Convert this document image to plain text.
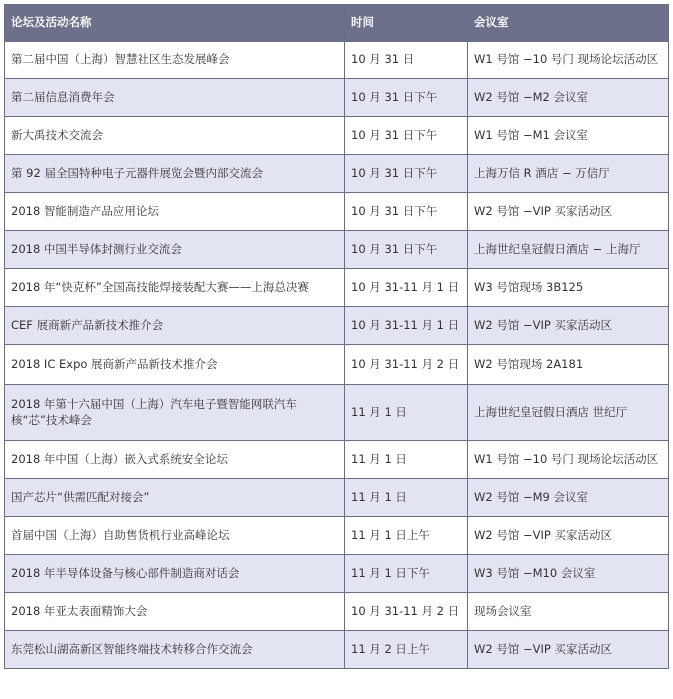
论坛及活动名称	时间	会议室
第二届中国（上海）智慧社区生态发展峰会	10 月 31 日	W1 号馆 −10 号门 现场论坛活动区
第二届信息消费年会	10 月 31 日下午	W2 号馆 −M2 会议室
新大禹技术交流会	10 月 31 日下午	W1 号馆 −M1 会议室
第 92 届全国特种电子元器件展览会暨内部交流会	10 月 31 日下午	上海万信 R 酒店 − 万信厅
2018 智能制造产品应用论坛	10 月 31 日下午	W2 号馆 −VIP 买家活动区
2018 中国半导体封测行业交流会	10 月 31 日下午	上海世纪皇冠假日酒店 − 上海厅
2018 年“快克杯”全国高技能焊接装配大赛——上海总决赛	10 月 31-11 月 1 日	W3 号馆现场 3B125
CEF 展商新产品新技术推介会	10 月 31-11 月 1 日	W2 号馆 −VIP 买家活动区
2018 IC Expo 展商新产品新技术推介会	10 月 31-11 月 2 日	W2 号馆现场 2A181
2018 年第十六届中国（上海）汽车电子暨智能网联汽车核“芯”技术峰会	11 月 1 日	上海世纪皇冠假日酒店 世纪厅
2018 年中国（上海）嵌入式系统安全论坛	11 月 1 日	W1 号馆 −10 号门 现场论坛活动区
国产芯片“供需匹配对接会”	11 月 1 日	W2 号馆 −M9 会议室
首届中国（上海）自助售货机行业高峰论坛	11 月 1 日上午	W2 号馆 −VIP 买家活动区
2018 年半导体设备与核心部件制造商对话会	11 月 1 日下午	W3 号馆 −M10 会议室
2018 年亚太表面精饰大会	10 月 31-11 月 2 日	现场会议室
东莞松山湖高新区智能终端技术转移合作交流会	11 月 2 日上午	W2 号馆 −VIP 买家活动区
